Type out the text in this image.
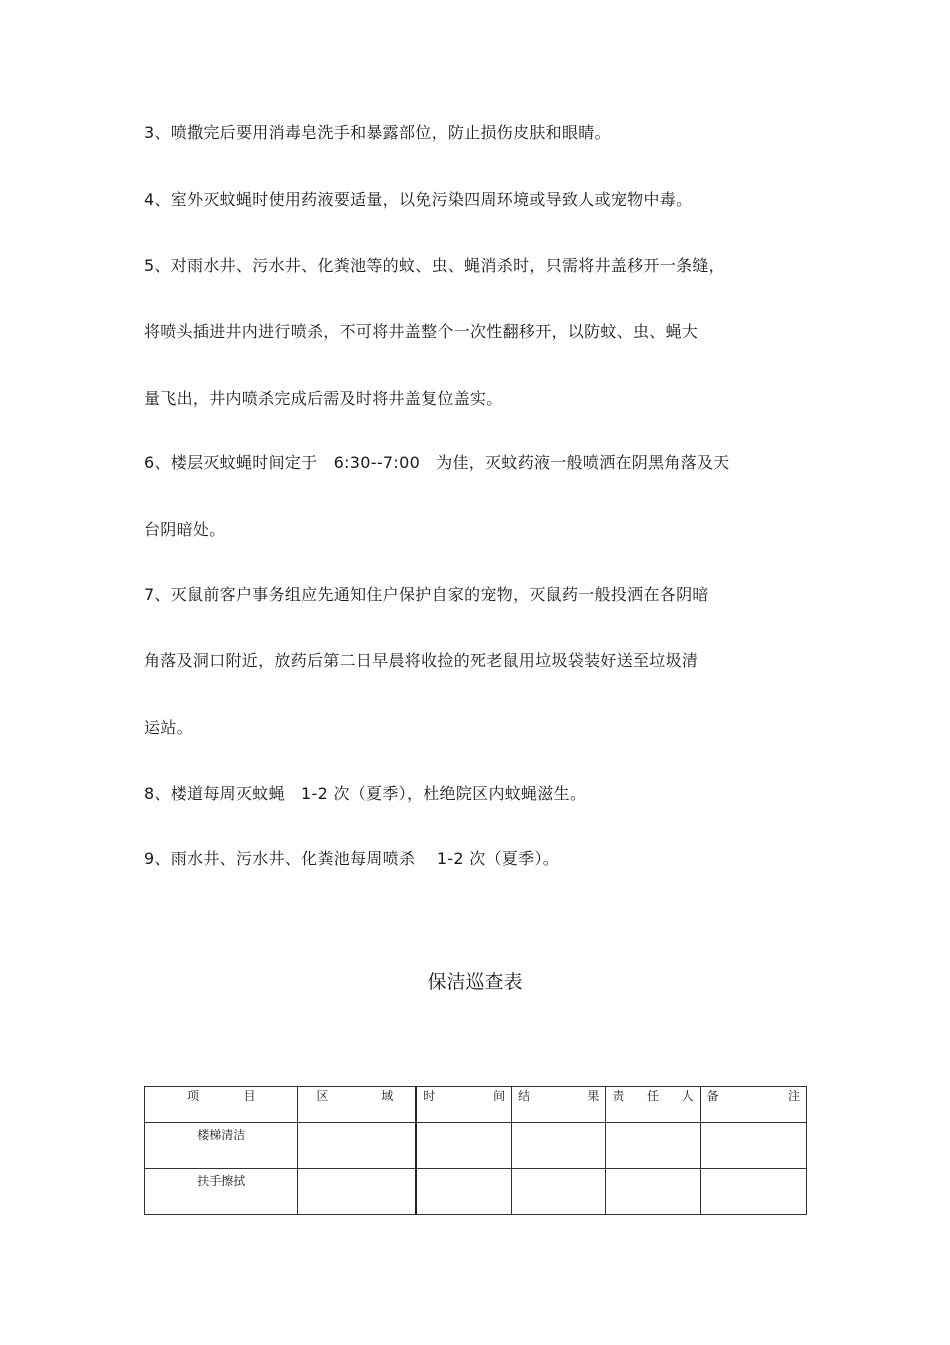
3、喷撒完后要用消毒皂洗手和暴露部位，防止损伤皮肤和眼睛。
4、室外灭蚊蝇时使用药液要适量，以免污染四周环境或导致人或宠物中毒。
5、对雨水井、污水井、化粪池等的蚊、虫、蝇消杀时，只需将井盖移开一条缝，
将喷头插进井内进行喷杀，不可将井盖整个一次性翻移开，以防蚊、虫、蝇大
量飞出，井内喷杀完成后需及时将井盖复位盖实。
6、楼层灭蚊蝇时间定于   6:30--7:00   为佳，灭蚊药液一般喷洒在阴黑角落及天
台阴暗处。
7、灭鼠前客户事务组应先通知住户保护自家的宠物，灭鼠药一般投洒在各阴暗
角落及洞口附近，放药后第二日早晨将收捡的死老鼠用垃圾袋装好送至垃圾清
运站。
8、楼道每周灭蚊蝇   1-2 次（夏季），杜绝院区内蚊蝇滋生。
9、雨水井、污水井、化粪池每周喷杀    1-2 次（夏季）。
保洁巡查表
项 目	区 域	时 间	结 果	责 任 人	备 注

楼梯清洁					
扶手擦拭					
